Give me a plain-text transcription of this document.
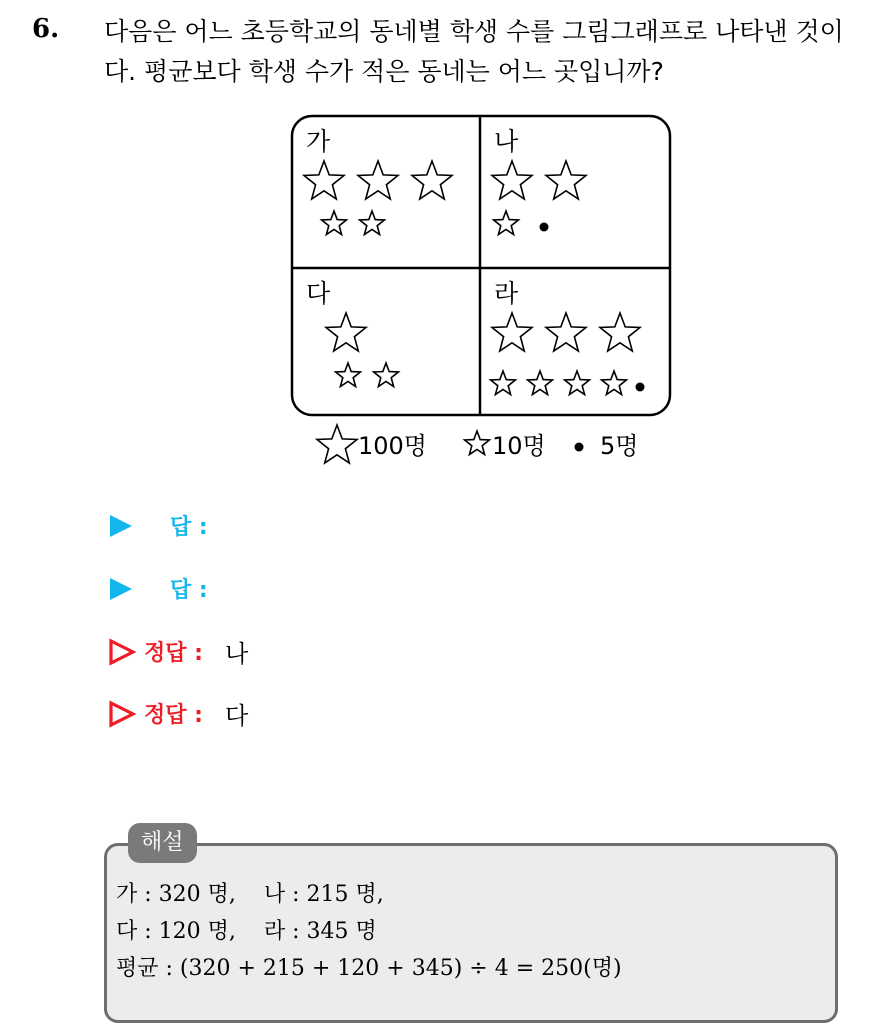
6. 다음은 어느 초등학교의 동네별 학생 수를 그림그래프로 나타낸 것이
다. 평균보다 학생 수가 적은 동네는 어느 곳입니까?
가	나
다	라
100명	10명 5명
답 :
답 :
정답 : 나
정답 : 다
해설
가 : 320 명,    나 : 215 명,
다 : 120 명,    라 : 345 명
평균 : (320 + 215 + 120 + 345) ÷ 4 = 250(명)
